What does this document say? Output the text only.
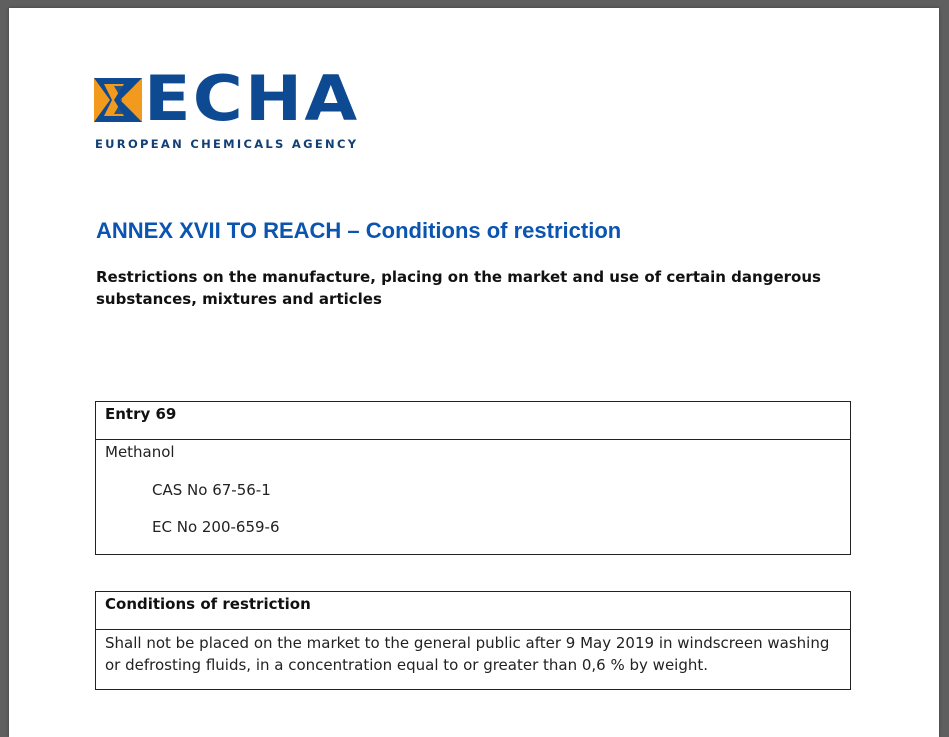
ECHA
EUROPEAN CHEMICALS AGENCY
ANNEX XVII TO REACH – Conditions of restriction
Restrictions on the manufacture, placing on the market and use of certain dangerous substances, mixtures and articles
Entry 69

Methanol

CAS No 67-56-1

EC No 200-659-6

Conditions of restriction
Shall not be placed on the market to the general public after 9 May 2019 in windscreen washing or defrosting fluids, in a concentration equal to or greater than 0,6 % by weight.
